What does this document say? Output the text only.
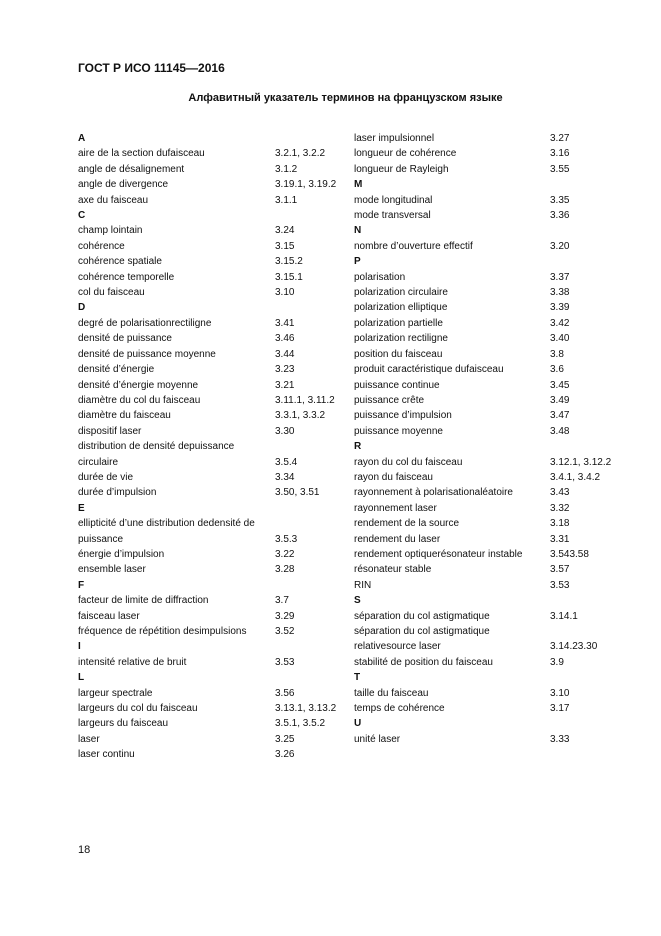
ГОСТ Р ИСО 11145—2016
Алфавитный указатель терминов на французском языке
A
aire de la section dufaisceau	3.2.1, 3.2.2
angle de désalignement	3.1.2
angle de divergence	3.19.1, 3.19.2
axe du faisceau	3.1.1
C
champ lointain	3.24
cohérence	3.15
cohérence spatiale	3.15.2
cohérence temporelle	3.15.1
col du faisceau	3.10
D
degré de polarisationrectiligne	3.41
densité de puissance	3.46
densité de puissance moyenne	3.44
densité d’énergie	3.23
densité d’énergie moyenne	3.21
diamètre du col du faisceau	3.11.1, 3.11.2
diamètre du faisceau	3.3.1, 3.3.2
dispositif laser	3.30
distribution de densité depuissance circulaire	3.5.4
durée de vie	3.34
durée d’impulsion	3.50, 3.51
E
ellipticité d’une distribution dedensité de puissance	3.5.3
énergie d’impulsion	3.22
ensemble laser	3.28
F
facteur de limite de diffraction	3.7
faisceau laser	3.29
fréquence de répétition desimpulsions	3.52
I
intensité relative de bruit	3.53
L
largeur spectrale	3.56
largeurs du col du faisceau	3.13.1, 3.13.2
largeurs du faisceau	3.5.1, 3.5.2
laser	3.25
laser continu	3.26
laser impulsionnel	3.27
longueur de cohérence	3.16
longueur de Rayleigh	3.55
M
mode longitudinal	3.35
mode transversal	3.36
N
nombre d’ouverture effectif	3.20
P
polarisation	3.37
polarization circulaire	3.38
polarization elliptique	3.39
polarization partielle	3.42
polarization rectiligne	3.40
position du faisceau	3.8
produit caractéristique dufaisceau	3.6
puissance continue	3.45
puissance crête	3.49
puissance d’impulsion	3.47
puissance moyenne	3.48
R
rayon du col du faisceau	3.12.1, 3.12.2
rayon du faisceau	3.4.1, 3.4.2
rayonnement à polarisationaléatoire	3.43
rayonnement laser	3.32
rendement de la source	3.18
rendement du laser	3.31
rendement optiquerésonateur instable	3.543.58
résonateur stable	3.57
RIN	3.53
S
séparation du col astigmatique	3.14.1
séparation du col astigmatique relativesource laser	3.14.23.30
stabilité de position du faisceau	3.9
T
taille du faisceau	3.10
temps de cohérence	3.17
U
unité laser	3.33
18
